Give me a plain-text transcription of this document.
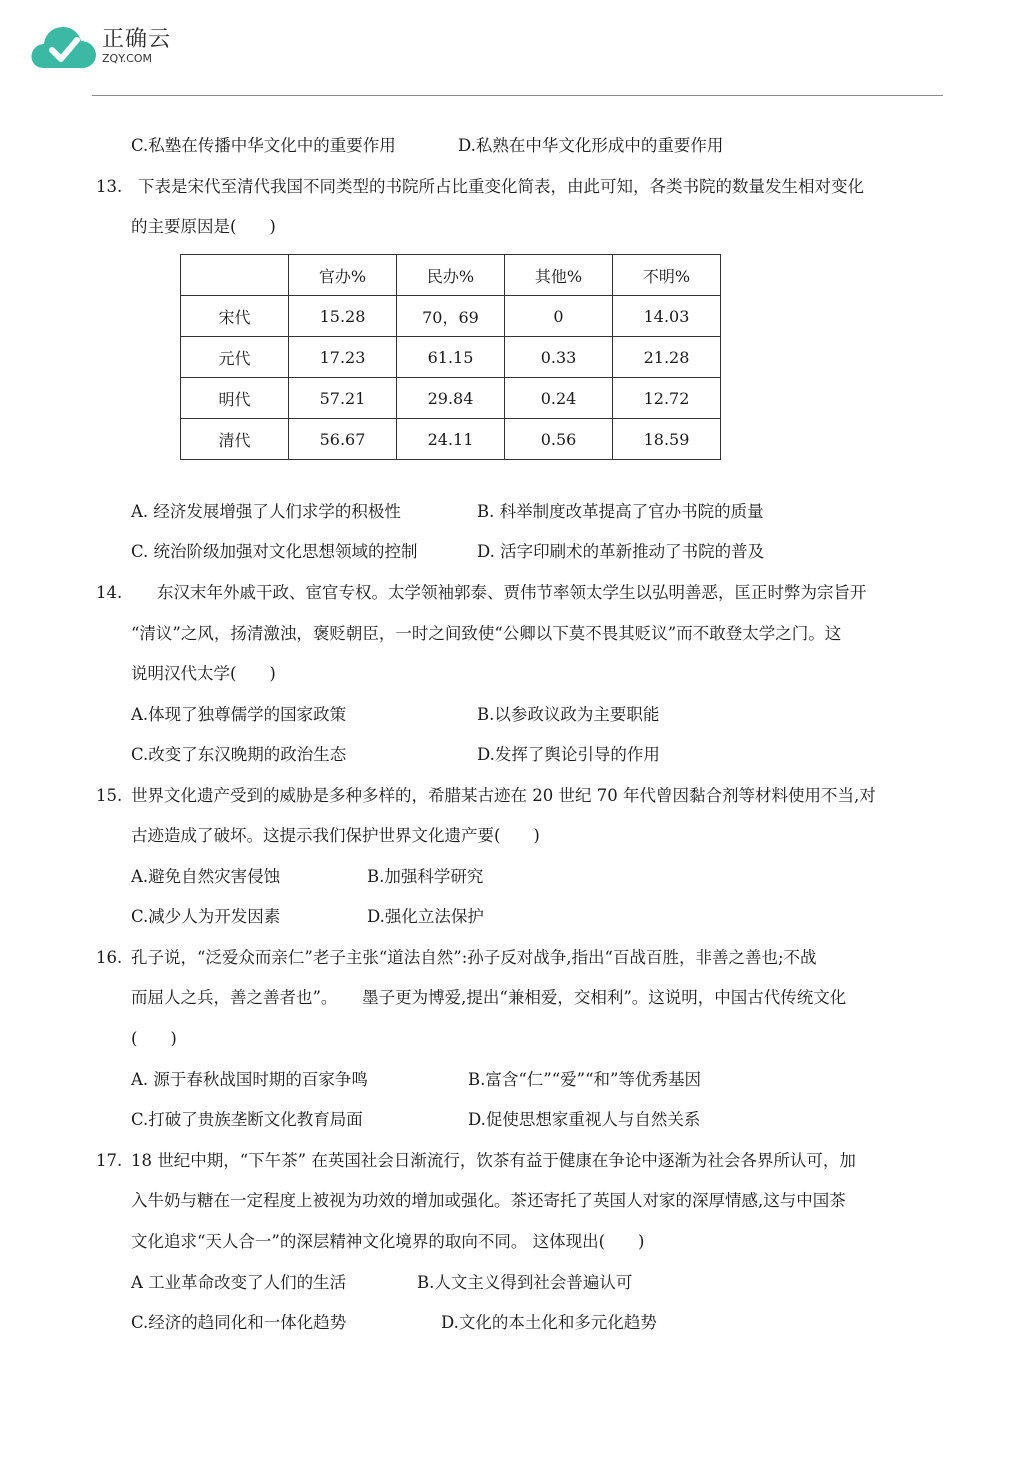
正确云
ZQY.COM
C.私塾在传播中华文化中的重要作用	D.私熟在中华文化形成中的重要作用
13. 下表是宋代至清代我国不同类型的书院所占比重变化简表，由此可知，各类书院的数量发生相对变化
的主要原因是(　　)
	官办%	民办%	其他%	不明%
宋代	15.28	70，69	0	14.03
元代	17.23	61.15	0.33	21.28
明代	57.21	29.84	0.24	12.72
清代	56.67	24.11	0.56	18.59
A. 经济发展增强了人们求学的积极性	B. 科举制度改革提高了官办书院的质量
C. 统治阶级加强对文化思想领域的控制	D. 活字印刷术的革新推动了书院的普及
14. 东汉末年外戚干政、宦官专权。太学领袖郭泰、贾伟节率领太学生以弘明善恶，匡正时弊为宗旨开
“清议”之风，扬清激浊，褒贬朝臣，一时之间致使“公卿以下莫不畏其贬议”而不敢登太学之门。这
说明汉代太学(　　)
A.体现了独尊儒学的国家政策	B.以参政议政为主要职能
C.改变了东汉晚期的政治生态	D.发挥了舆论引导的作用
15. 世界文化遗产受到的威胁是多种多样的，希腊某古迹在 20 世纪 70 年代曾因黏合剂等材料使用不当,对
古迹造成了破坏。这提示我们保护世界文化遗产要(　　)
A.避免自然灾害侵蚀	B.加强科学研究
C.减少人为开发因素	D.强化立法保护
16. 孔子说，“泛爱众而亲仁”老子主张“道法自然”:孙子反对战争,指出“百战百胜，非善之善也;不战
而屈人之兵，善之善者也”。　　墨子更为博爱,提出“兼相爱，交相利”。这说明，中国古代传统文化
(　　)
A. 源于春秋战国时期的百家争鸣	B.富含“仁”“爱”“和”等优秀基因
C.打破了贵族垄断文化教育局面	D.促使思想家重视人与自然关系
17. 18 世纪中期，“下午茶” 在英国社会日渐流行，饮茶有益于健康在争论中逐渐为社会各界所认可，加
入牛奶与糖在一定程度上被视为功效的增加或强化。茶还寄托了英国人对家的深厚情感,这与中国茶
文化追求“天人合一”的深层精神文化境界的取向不同。 这体现出(　　)
A 工业革命改变了人们的生活	B.人文主义得到社会普遍认可
C.经济的趋同化和一体化趋势	D.文化的本土化和多元化趋势
